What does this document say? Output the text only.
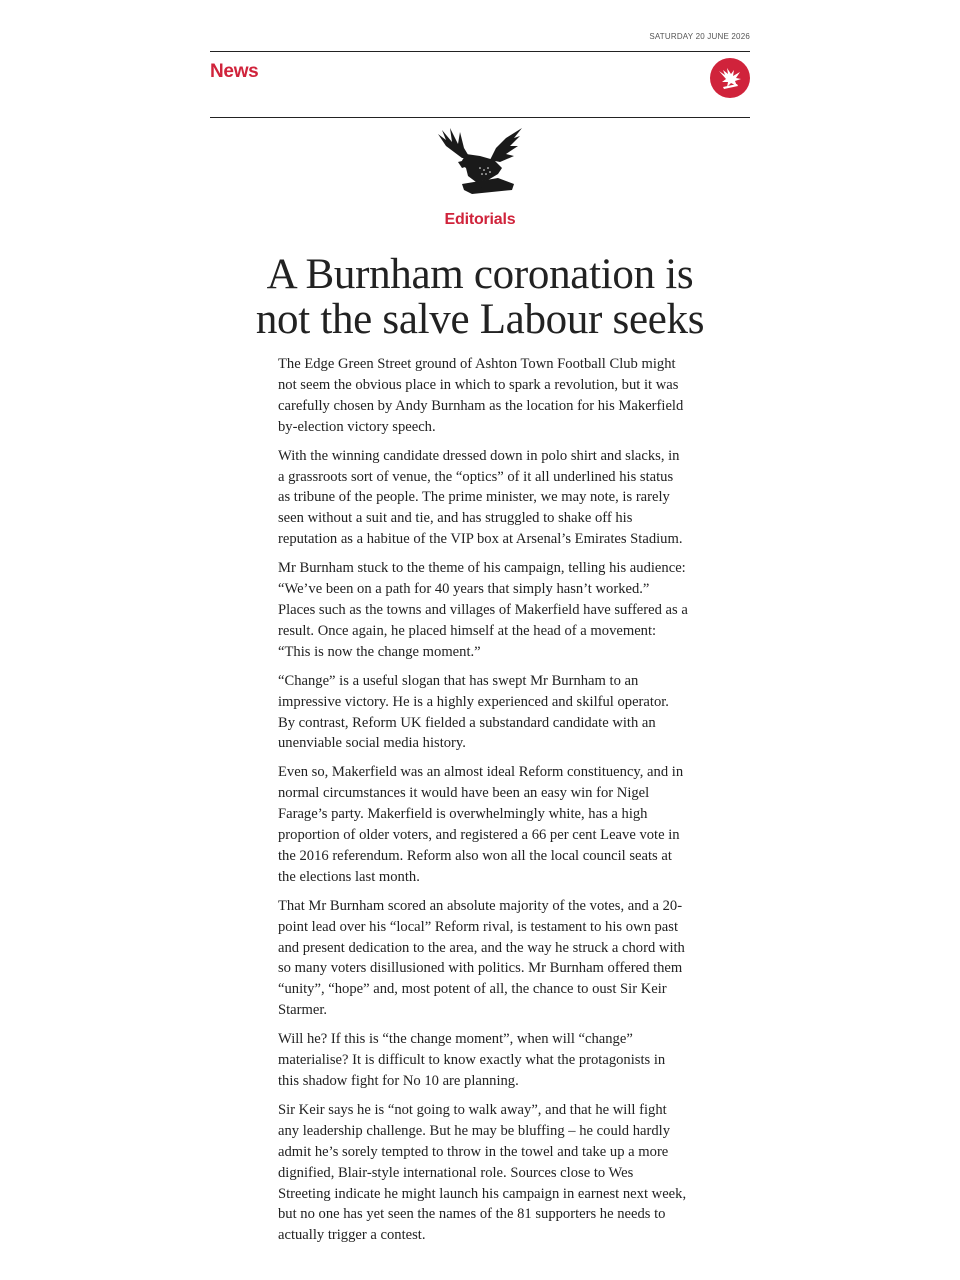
SATURDAY 20 JUNE 2026
News
Editorials
A Burnham coronation is
not the salve Labour seeks

The Edge Green Street ground of Ashton Town Football Club might not seem the obvious place in which to spark a revolution, but it was carefully chosen by Andy Burnham as the location for his Makerfield by-election victory speech.

With the winning candidate dressed down in polo shirt and slacks, in a grassroots sort of venue, the “optics” of it all underlined his status as tribune of the people. The prime minister, we may note, is rarely seen without a suit and tie, and has struggled to shake off his reputation as a habitue of the VIP box at Arsenal’s Emirates Stadium.

Mr Burnham stuck to the theme of his campaign, telling his audience: “We’ve been on a path for 40 years that simply hasn’t worked.” Places such as the towns and villages of Makerfield have suffered as a result. Once again, he placed himself at the head of a movement: “This is now the change moment.”

“Change” is a useful slogan that has swept Mr Burnham to an impressive victory. He is a highly experienced and skilful operator. By contrast, Reform UK fielded a substandard candidate with an unenviable social media history.

Even so, Makerfield was an almost ideal Reform constituency, and in normal circumstances it would have been an easy win for Nigel Farage’s party. Makerfield is overwhelmingly white, has a high proportion of older voters, and registered a 66 per cent Leave vote in the 2016 referendum. Reform also won all the local council seats at the elections last month.

That Mr Burnham scored an absolute majority of the votes, and a 20-point lead over his “local” Reform rival, is testament to his own past and present dedication to the area, and the way he struck a chord with so many voters disillusioned with politics. Mr Burnham offered them “unity”, “hope” and, most potent of all, the chance to oust Sir Keir Starmer.

Will he? If this is “the change moment”, when will “change” materialise? It is difficult to know exactly what the protagonists in this shadow fight for No 10 are planning.

Sir Keir says he is “not going to walk away”, and that he will fight any leadership challenge. But he may be bluffing – he could hardly admit he’s sorely tempted to throw in the towel and take up a more dignified, Blair-style international role. Sources close to Wes Streeting indicate he might launch his campaign in earnest next week, but no one has yet seen the names of the 81 supporters he needs to actually trigger a contest.
